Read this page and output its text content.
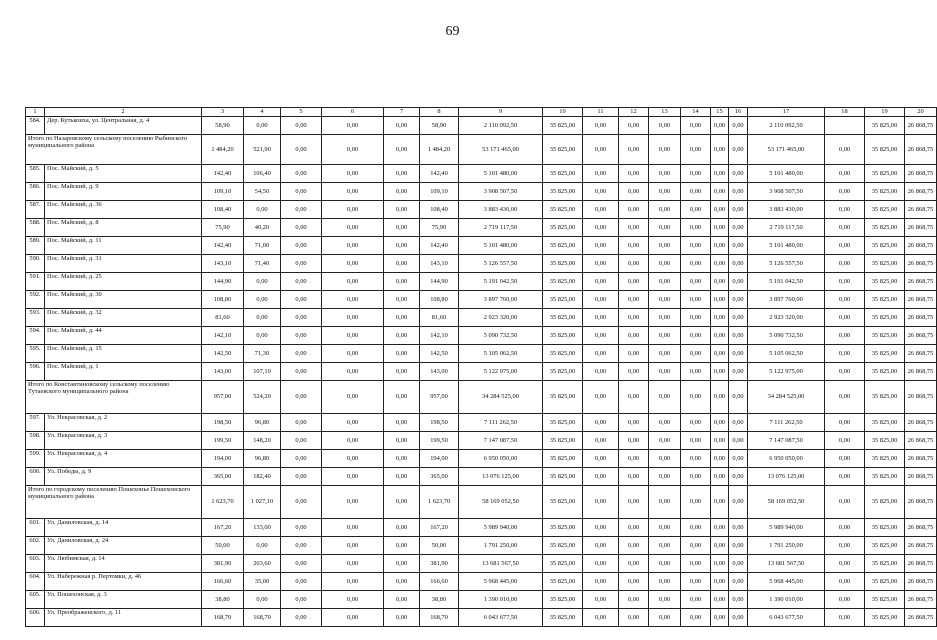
69
1	2	3	4	5	6	7	8	9	10	11	12	13	14	15	16	17	18	19	20
584.	Дер. Кутькоиха, ул. Центральная, д. 4	58,90	0,00	0,00	0,00	0,00	58,90	2 110 092,50	35 825,00	0,00	0,00	0,00	0,00	0,00	0,00	2 110 092,50		35 825,00	26 868,75
Итого по Назаровскому сельскому поселению Рыбинского муниципального района		1 484,20	521,90	0,00	0,00	0,00	1 484,20	53 171 465,00	35 825,00	0,00	0,00	0,00	0,00	0,00	0,00	53 171 465,00	0,00	35 825,00	26 868,75
585.	Пос. Майский, д. 5	142,40	106,40	0,00	0,00	0,00	142,40	5 101 480,00	35 825,00	0,00	0,00	0,00	0,00	0,00	0,00	5 101 480,00	0,00	35 825,00	26 868,75
586.	Пос. Майский, д. 9	109,10	54,50	0,00	0,00	0,00	109,10	3 908 507,50	35 825,00	0,00	0,00	0,00	0,00	0,00	0,00	3 908 507,50	0,00	35 825,00	26 868,75
587.	Пос. Майский, д. 36	108,40	0,00	0,00	0,00	0,00	108,40	3 883 430,00	35 825,00	0,00	0,00	0,00	0,00	0,00	0,00	3 883 430,00	0,00	35 825,00	26 868,75
588.	Пос. Майский, д. 8	75,90	40,20	0,00	0,00	0,00	75,90	2 719 117,50	35 825,00	0,00	0,00	0,00	0,00	0,00	0,00	2 719 117,50	0,00	35 825,00	26 868,75
589.	Пос. Майский, д. 11	142,40	71,00	0,00	0,00	0,00	142,40	5 101 480,00	35 825,00	0,00	0,00	0,00	0,00	0,00	0,00	5 101 480,00	0,00	35 825,00	26 868,75
590.	Пос. Майский, д. 31	143,10	71,40	0,00	0,00	0,00	143,10	5 126 557,50	35 825,00	0,00	0,00	0,00	0,00	0,00	0,00	5 126 557,50	0,00	35 825,00	26 868,75
591.	Пос. Майский, д. 25	144,90	0,00	0,00	0,00	0,00	144,90	5 191 042,50	35 825,00	0,00	0,00	0,00	0,00	0,00	0,00	5 191 042,50	0,00	35 825,00	26 868,75
592.	Пос. Майский, д. 30	108,80	0,00	0,00	0,00	0,00	108,80	3 897 760,00	35 825,00	0,00	0,00	0,00	0,00	0,00	0,00	3 897 760,00	0,00	35 825,00	26 868,75
593.	Пос. Майский, д. 32	81,60	0,00	0,00	0,00	0,00	81,60	2 923 320,00	35 825,00	0,00	0,00	0,00	0,00	0,00	0,00	2 923 320,00	0,00	35 825,00	26 868,75
594.	Пос. Майский, д. 44	142,10	0,00	0,00	0,00	0,00	142,10	5 090 732,50	35 825,00	0,00	0,00	0,00	0,00	0,00	0,00	5 090 732,50	0,00	35 825,00	26 868,75
595.	Пос. Майский, д. 15	142,50	71,30	0,00	0,00	0,00	142,50	5 105 062,50	35 825,00	0,00	0,00	0,00	0,00	0,00	0,00	5 105 062,50	0,00	35 825,00	26 868,75
596.	Пос. Майский, д. 1	143,00	107,10	0,00	0,00	0,00	143,00	5 122 975,00	35 825,00	0,00	0,00	0,00	0,00	0,00	0,00	5 122 975,00	0,00	35 825,00	26 868,75
Итого по Константиновскому сельскому поселению Тутаевского муниципального района		957,00	524,20	0,00	0,00	0,00	957,00	34 284 525,00	35 825,00	0,00	0,00	0,00	0,00	0,00	0,00	34 284 525,00	0,00	35 825,00	26 868,75
597.	Ул. Некрасовская, д. 2	198,50	96,80	0,00	0,00	0,00	198,50	7 111 262,50	35 825,00	0,00	0,00	0,00	0,00	0,00	0,00	7 111 262,50	0,00	35 825,00	26 868,75
598.	Ул. Некрасовская, д. 3	199,50	148,20	0,00	0,00	0,00	199,50	7 147 087,50	35 825,00	0,00	0,00	0,00	0,00	0,00	0,00	7 147 087,50	0,00	35 825,00	26 868,75
599.	Ул. Некрасовская, д. 4	194,00	96,80	0,00	0,00	0,00	194,00	6 950 050,00	35 825,00	0,00	0,00	0,00	0,00	0,00	0,00	6 950 050,00	0,00	35 825,00	26 868,75
600.	Ул. Победы, д. 9	365,00	182,40	0,00	0,00	0,00	365,00	13 076 125,00	35 825,00	0,00	0,00	0,00	0,00	0,00	0,00	13 076 125,00	0,00	35 825,00	26 868,75
Итого по городскому поселению Пошехонье Пошехонского муниципального района		1 623,70	1 027,10	0,00	0,00	0,00	1 623,70	58 169 052,50	35 825,00	0,00	0,00	0,00	0,00	0,00	0,00	58 169 052,50	0,00	35 825,00	26 868,75
601.	Ул. Даниловская, д. 14	167,20	133,00	0,00	0,00	0,00	167,20	5 989 940,00	35 825,00	0,00	0,00	0,00	0,00	0,00	0,00	5 989 940,00	0,00	35 825,00	26 868,75
602.	Ул. Даниловская, д. 24	50,00	0,00	0,00	0,00	0,00	50,00	1 791 250,00	35 825,00	0,00	0,00	0,00	0,00	0,00	0,00	1 791 250,00	0,00	35 825,00	26 868,75
603.	Ул. Любимская, д. 14	381,90	203,60	0,00	0,00	0,00	381,90	13 681 567,50	35 825,00	0,00	0,00	0,00	0,00	0,00	0,00	13 681 567,50	0,00	35 825,00	26 868,75
604.	Ул. Набережная р. Пертомки, д. 46	166,60	35,00	0,00	0,00	0,00	166,60	5 968 445,00	35 825,00	0,00	0,00	0,00	0,00	0,00	0,00	5 968 445,00	0,00	35 825,00	26 868,75
605.	Ул. Пошехонская, д. 3	38,80	0,00	0,00	0,00	0,00	38,80	1 390 010,00	35 825,00	0,00	0,00	0,00	0,00	0,00	0,00	1 390 010,00	0,00	35 825,00	26 868,75
606.	Ул. Преображенского, д. 11	168,70	168,70	0,00	0,00	0,00	168,70	6 043 677,50	35 825,00	0,00	0,00	0,00	0,00	0,00	0,00	6 043 677,50	0,00	35 825,00	26 868,75
